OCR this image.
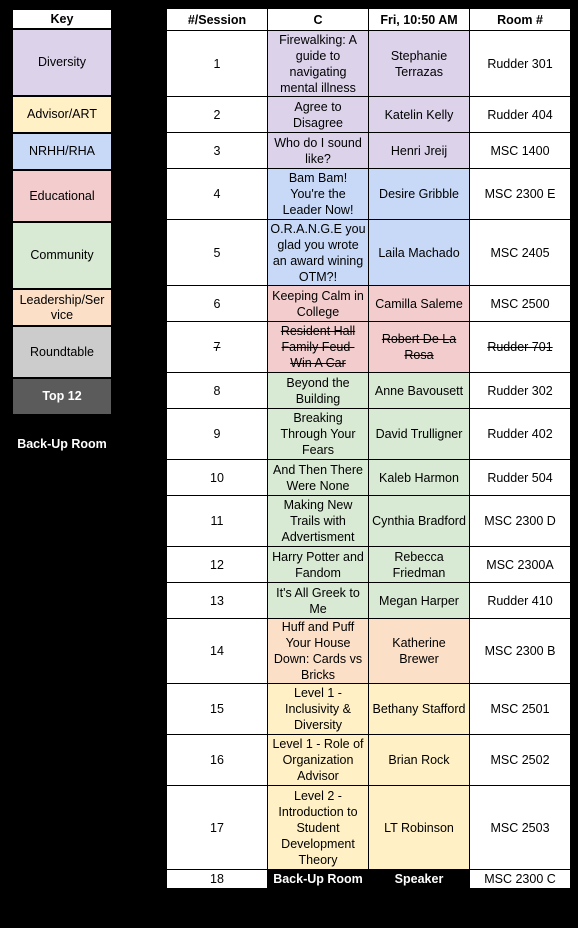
Key
Diversity
Advisor/ART
NRHH/RHA
Educational
Community
Leadership/Ser vice
Roundtable
Top 12
Back-Up Room
#/Session	C	Fri, 10:50 AM	Room #
1	Firewalking: A guide to navigating mental illness	Stephanie Terrazas	Rudder 301
2	Agree to Disagree	Katelin Kelly	Rudder 404
3	Who do I sound like?	Henri Jreij	MSC 1400
4	Bam Bam! You're the Leader Now!	Desire Gribble	MSC 2300 E
5	O.R.A.N.G.E you glad you wrote an award wining OTM?!	Laila Machado	MSC 2405
6	Keeping Calm in College	Camilla Saleme	MSC 2500
7	Resident Hall Family Feud- Win A Car	Robert De La Rosa	Rudder 701
8	Beyond the Building	Anne Bavousett	Rudder 302
9	Breaking Through Your Fears	David Trulligner	Rudder 402
10	And Then There Were None	Kaleb Harmon	Rudder 504
11	Making New Trails with Advertisment	Cynthia Bradford	MSC 2300 D
12	Harry Potter and Fandom	Rebecca Friedman	MSC 2300A
13	It's All Greek to Me	Megan Harper	Rudder 410
14	Huff and Puff Your House Down: Cards vs Bricks	Katherine Brewer	MSC 2300 B
15	Level 1 - Inclusivity & Diversity	Bethany Stafford	MSC 2501
16	Level 1 - Role of Organization Advisor	Brian Rock	MSC 2502
17	Level 2 - Introduction to Student Development Theory	LT Robinson	MSC 2503
18	Back-Up Room	Speaker	MSC 2300 C
